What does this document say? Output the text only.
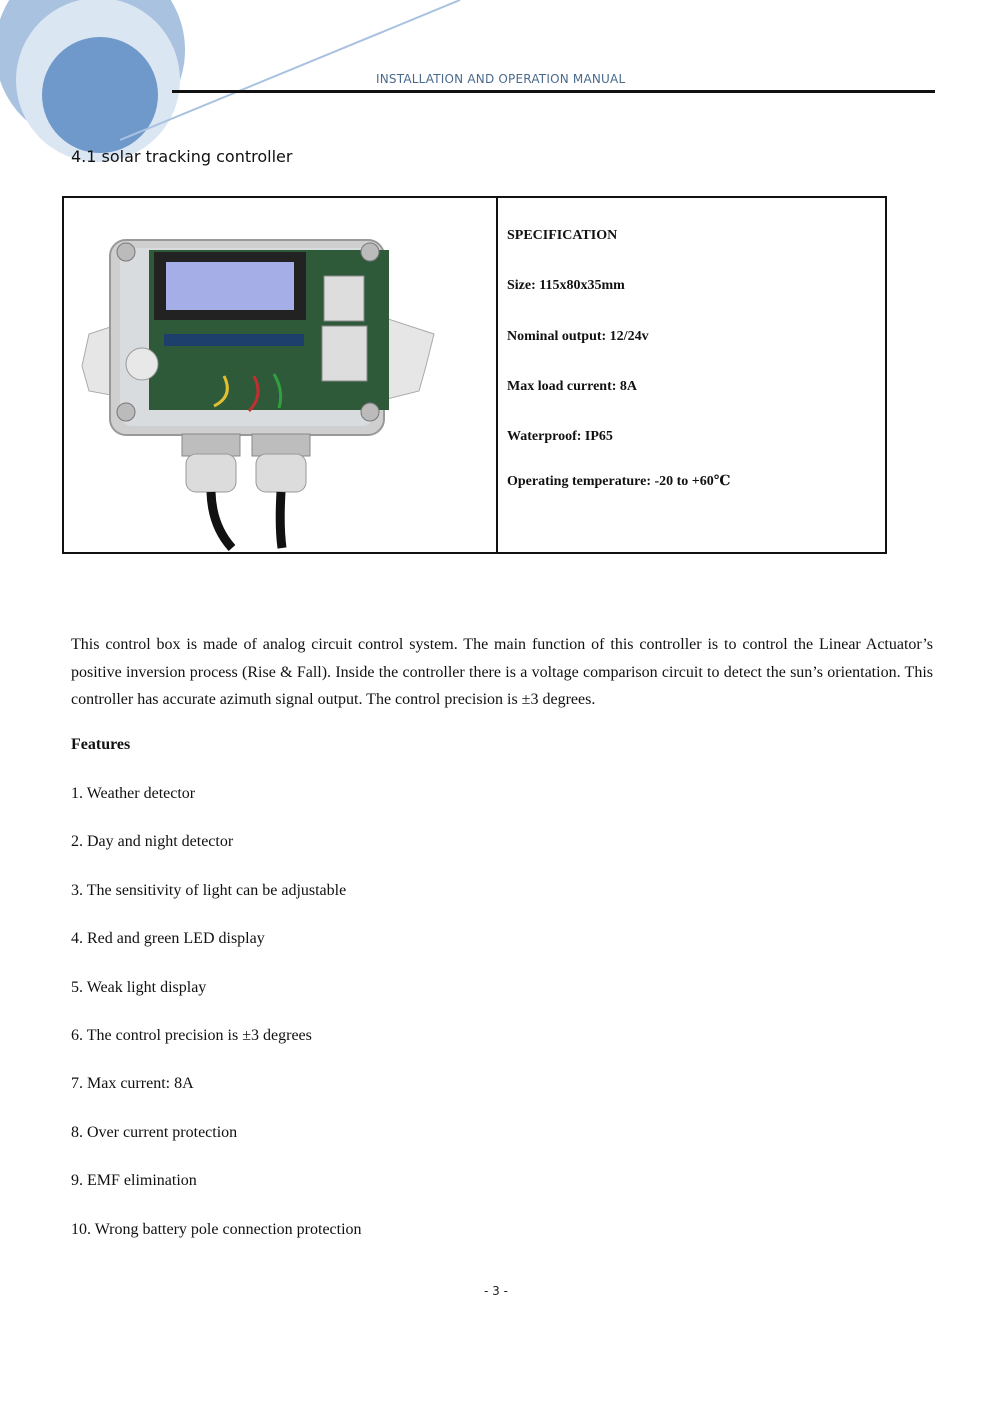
INSTALLATION AND OPERATION MANUAL
4.1 solar tracking controller
SPECIFICATION
Size: 115x80x35mm
Nominal output: 12/24v
Max load current: 8A
Waterproof: IP65
Operating temperature: -20 to +60℃

This control box is made of analog circuit control system. The main function of this controller is to control the Linear Actuator’s positive inversion process (Rise & Fall). Inside the controller there is a voltage comparison circuit to detect the sun’s orientation. This controller has accurate azimuth signal output. The control precision is ±3 degrees.

Features
1. Weather detector
2. Day and night detector
3. The sensitivity of light can be adjustable
4. Red and green LED display
5. Weak light display
6. The control precision is ±3 degrees
7. Max current: 8A
8. Over current protection
9. EMF elimination
10. Wrong battery pole connection protection
- 3 -
